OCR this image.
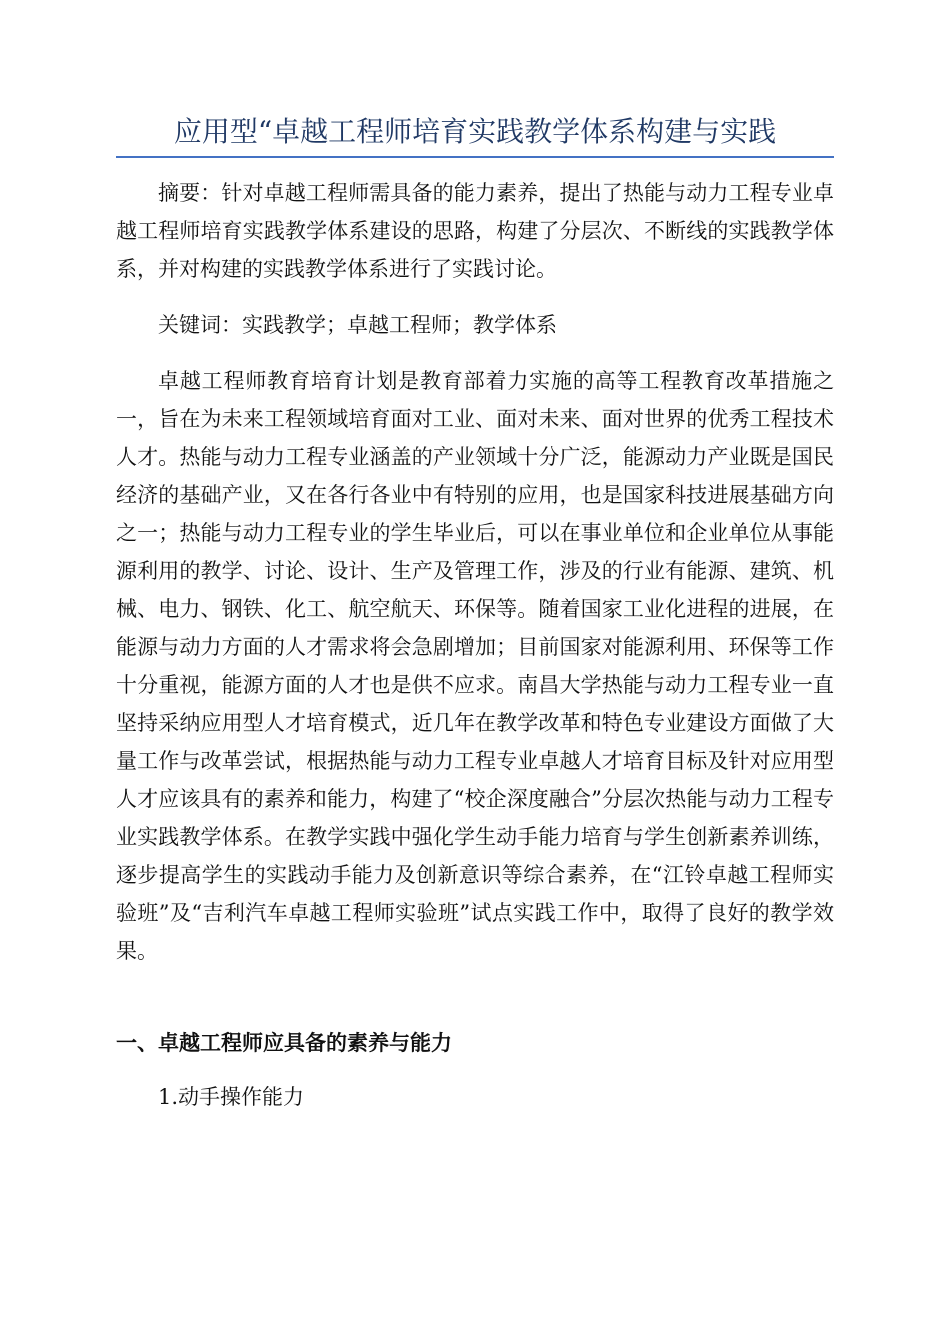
应用型“卓越工程师培育实践教学体系构建与实践

摘要：针对卓越工程师需具备的能力素养，提出了热能与动力工程专业卓越工程师培育实践教学体系建设的思路，构建了分层次、不断线的实践教学体系，并对构建的实践教学体系进行了实践讨论。

关键词：实践教学；卓越工程师；教学体系

卓越工程师教育培育计划是教育部着力实施的高等工程教育改革措施之一，旨在为未来工程领域培育面对工业、面对未来、面对世界的优秀工程技术人才。热能与动力工程专业涵盖的产业领域十分广泛，能源动力产业既是国民经济的基础产业，又在各行各业中有特别的应用，也是国家科技进展基础方向之一；热能与动力工程专业的学生毕业后，可以在事业单位和企业单位从事能源利用的教学、讨论、设计、生产及管理工作，涉及的行业有能源、建筑、机械、电力、钢铁、化工、航空航天、环保等。随着国家工业化进程的进展，在能源与动力方面的人才需求将会急剧增加；目前国家对能源利用、环保等工作十分重视，能源方面的人才也是供不应求。南昌大学热能与动力工程专业一直坚持采纳应用型人才培育模式，近几年在教学改革和特色专业建设方面做了大量工作与改革尝试，根据热能与动力工程专业卓越人才培育目标及针对应用型人才应该具有的素养和能力，构建了“校企深度融合”分层次热能与动力工程专业实践教学体系。在教学实践中强化学生动手能力培育与学生创新素养训练，逐步提高学生的实践动手能力及创新意识等综合素养，在“江铃卓越工程师实验班”及“吉利汽车卓越工程师实验班”试点实践工作中，取得了良好的教学效果。

一、卓越工程师应具备的素养与能力

1.动手操作能力
